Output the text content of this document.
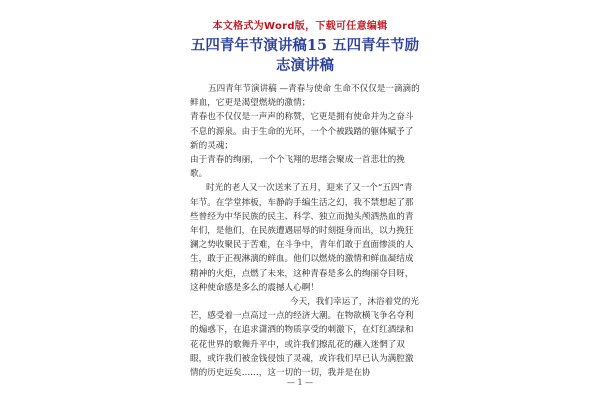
本文格式为Word版，下载可任意编辑
五四青年节演讲稿15 五四青年节励志演讲稿

五四青年节演讲稿 —青春与使命 生命不仅仅是一滴滴的鲜血，它更是渴望燃烧的激情；

青春也不仅仅是一声声的称赞，它更是拥有使命并为之奋斗不息的源泉。由于生命的光环，一个个被践踏的躯体赋予了新的灵魂；

由于青春的绚丽，一个个飞翔的思绪会聚成一首悲壮的挽歌。

时光的老人又一次送来了五月，迎来了又一个“五四”青年节。在学堂摔板，车静韵手编生活之幻，我不禁想起了那些曾经为中华民族的民主、科学、独立而抛头颅洒热血的青年们，是他们，在民族遭遇屈辱的时刻挺身而出，以力挽狂澜之势收聚民于苦难，在斗争中，青年们敢于直面惨淡的人生，敢于正视淋漓的鲜血。他们以燃烧的激情和鲜血凝结成精神的火炬，点燃了未来，这种青春是多么的绚丽夺目呀，这种使命感是多么的震撼人心啊！

今天，我们幸运了，沐浴着党的光芒，感受着一点高过一点的经济大潮。在物欲横飞争名夺利的煽惑下，在追求潇洒的物质享受的刺激下，在灯红酒绿和花花世界的歌舞升平中，或许我们擦乱花的蘸入迷惘了双眼，或许我们被金钱侵蚀了灵魂，或许我们早已认为满腔激情的历史远矣……，这一切的一切，我并是在协

— 1 —
